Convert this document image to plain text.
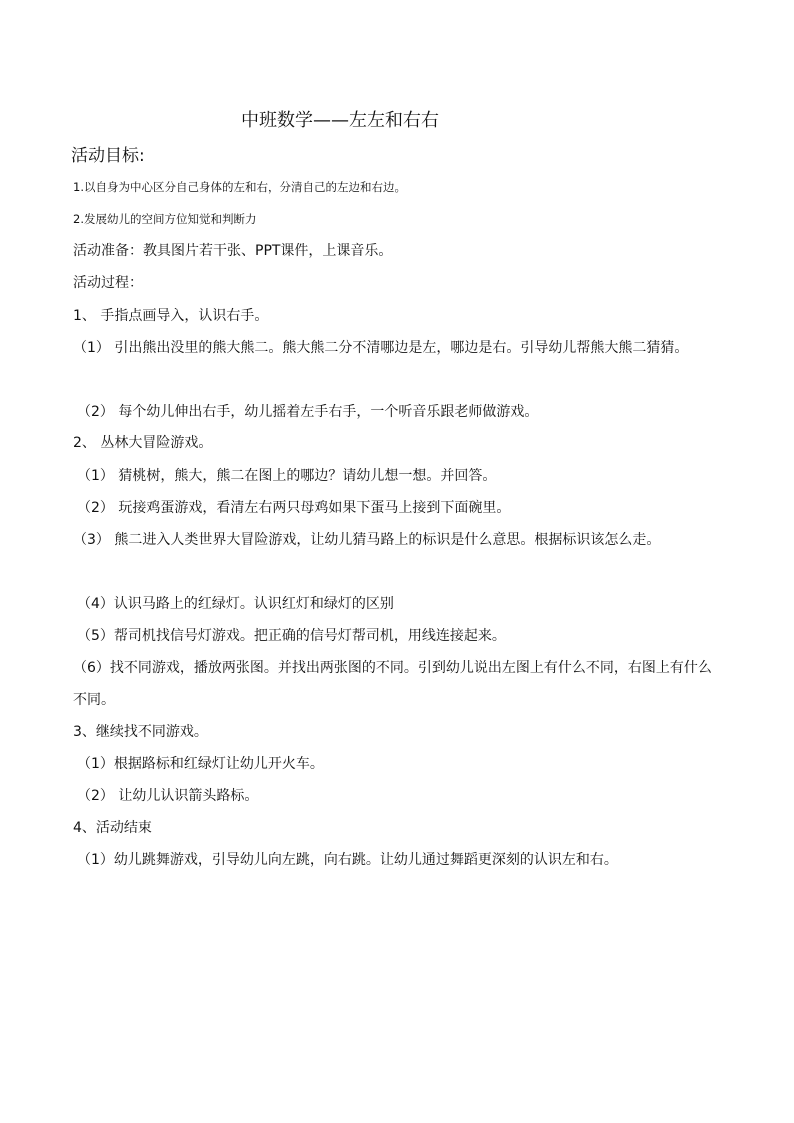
中班数学——左左和右右
活动目标:
1.以自身为中心区分自己身体的左和右，分清自己的左边和右边。
2.发展幼儿的空间方位知觉和判断力
活动准备：教具图片若干张、PPT课件，上课音乐。
活动过程：
1、 手指点画导入，认识右手。
（1） 引出熊出没里的熊大熊二。熊大熊二分不清哪边是左，哪边是右。引导幼儿帮熊大熊二猜猜。
（2） 每个幼儿伸出右手，幼儿摇着左手右手，一个听音乐跟老师做游戏。
2、 丛林大冒险游戏。
（1） 猜桃树，熊大，熊二在图上的哪边？请幼儿想一想。并回答。
（2） 玩接鸡蛋游戏，看清左右两只母鸡如果下蛋马上接到下面碗里。
（3） 熊二进入人类世界大冒险游戏，让幼儿猜马路上的标识是什么意思。根据标识该怎么走。
（4）认识马路上的红绿灯。认识红灯和绿灯的区别
（5）帮司机找信号灯游戏。把正确的信号灯帮司机，用线连接起来。
（6）找不同游戏，播放两张图。并找出两张图的不同。引到幼儿说出左图上有什么不同，右图上有什么不同。
3、继续找不同游戏。
（1）根据路标和红绿灯让幼儿开火车。
（2） 让幼儿认识箭头路标。
4、活动结束
（1）幼儿跳舞游戏，引导幼儿向左跳，向右跳。让幼儿通过舞蹈更深刻的认识左和右。
